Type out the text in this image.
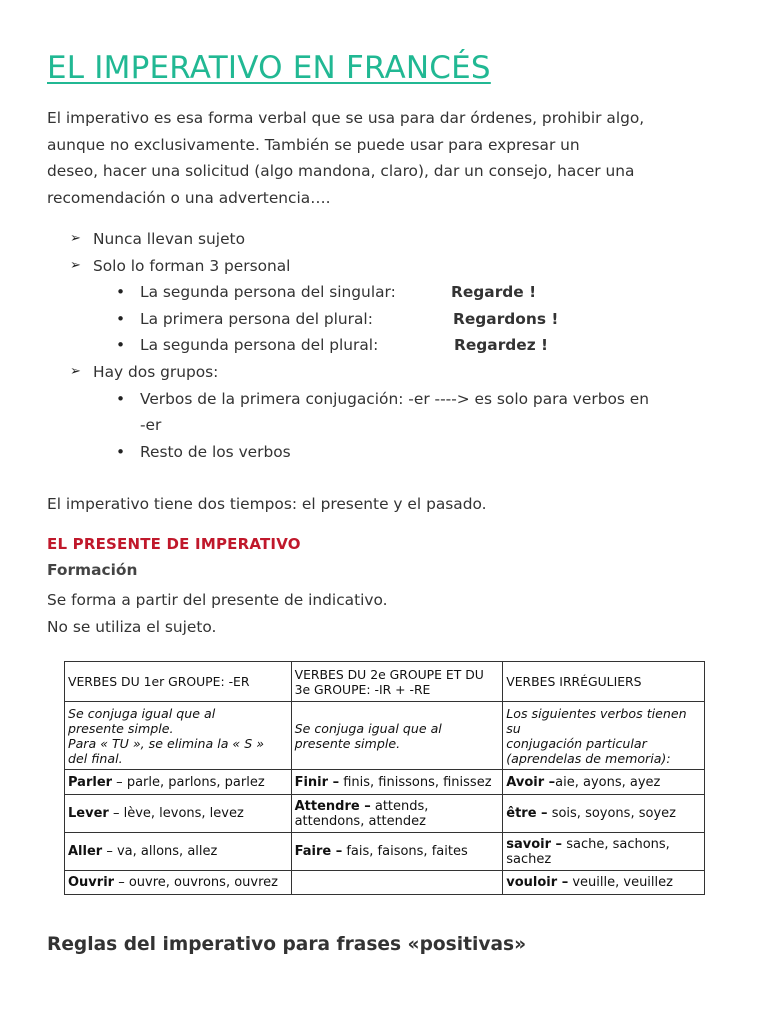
EL IMPERATIVO EN FRANCÉS

El imperativo es esa forma verbal que se usa para dar órdenes, prohibir algo,
aunque no exclusivamente. También se puede usar para expresar un
deseo, hacer una solicitud (algo mandona, claro), dar un consejo, hacer una
recomendación o una advertencia….

➢ Nunca llevan sujeto
➢ Solo lo forman 3 personal
• La segunda persona del singular:	Regarde !
• La primera persona del plural:	Regardons !
• La segunda persona del plural:	Regardez !
➢ Hay dos grupos:
• Verbos de la primera conjugación: -er ----> es solo para verbos en
-er
• Resto de los verbos

El imperativo tiene dos tiempos: el presente y el pasado.

EL PRESENTE DE IMPERATIVO
Formación

Se forma a partir del presente de indicativo.

No se utiliza el sujeto.

VERBES DU 1er GROUPE: -ER	VERBES DU 2e GROUPE ET DU 3e GROUPE: -IR + -RE	VERBES IRRÉGULIERS
Se conjuga igual que al
presente simple.
Para « TU », se elimina la « S »
del final.	Se conjuga igual que al
presente simple.	Los siguientes verbos tienen
su
conjugación particular
(aprendelas de memoria):
Parler – parle, parlons, parlez	Finir – finis, finissons, finissez	Avoir –aie, ayons, ayez
Lever – lève, levons, levez	Attendre – attends, attendons, attendez	être – sois, soyons, soyez
Aller – va, allons, allez	Faire – fais, faisons, faites	savoir – sache, sachons, sachez
Ouvrir – ouvre, ouvrons, ouvrez		vouloir – veuille, veuillez
Reglas del imperativo para frases «positivas»
